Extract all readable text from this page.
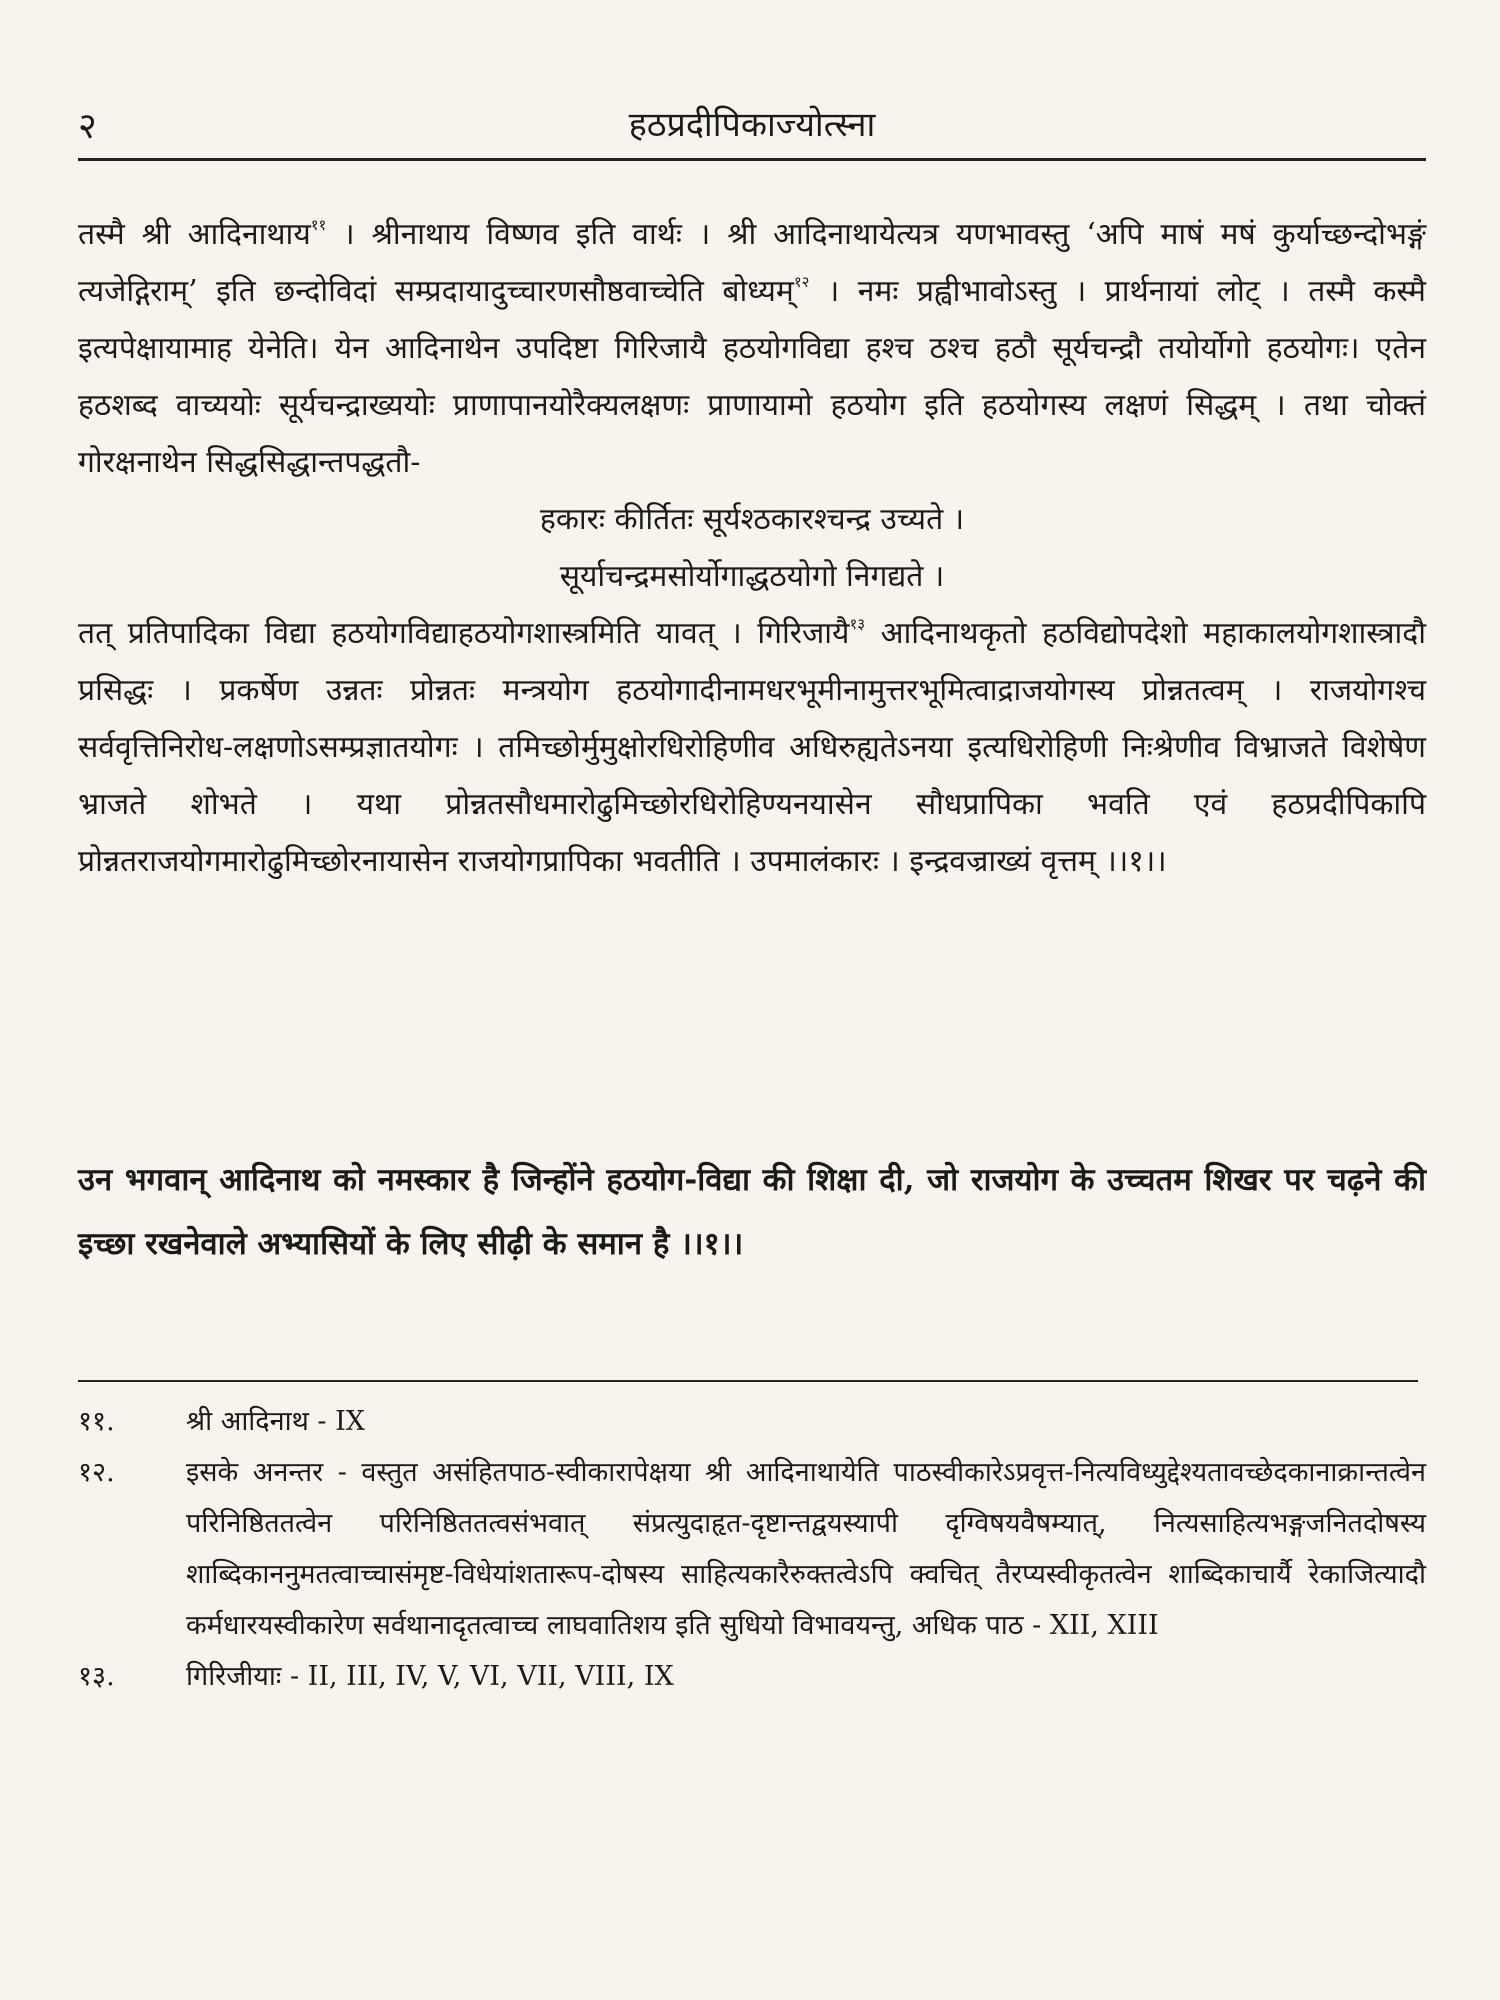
२	हठप्रदीपिकाज्योत्स्ना

तस्मै श्री आदिनाथाय$^{११}$ । श्रीनाथाय विष्णव इति वार्थः । श्री आदिनाथायेत्यत्र यणभावस्तु ‘अपि माषं मषं कुर्याच्छन्दोभङ्गं त्यजेद्गिराम्’ इति छन्दोविदां सम्प्रदायादुच्चारणसौष्ठवाच्चेति बोध्यम्$^{१२}$ । नमः प्रह्वीभावोऽस्तु । प्रार्थनायां लोट् । तस्मै कस्मै इत्यपेक्षायामाह येनेति। येन आदिनाथेन उपदिष्टा गिरिजायै हठयोगविद्या हश्च ठश्च हठौ सूर्यचन्द्रौ तयोर्योगो हठयोगः। एतेन हठशब्द वाच्ययोः सूर्यचन्द्राख्ययोः प्राणापानयोरैक्यलक्षणः प्राणायामो हठयोग इति हठयोगस्य लक्षणं सिद्धम् । तथा चोक्तं गोरक्षनाथेन सिद्धसिद्धान्तपद्धतौ-

हकारः कीर्तितः सूर्यश्ठकारश्चन्द्र उच्यते ।

सूर्याचन्द्रमसोर्योगाद्धठयोगो निगद्यते ।

तत् प्रतिपादिका विद्या हठयोगविद्याहठयोगशास्त्रमिति यावत् । गिरिजायै$^{१३}$ आदिनाथकृतो हठविद्योपदेशो महाकालयोगशास्त्रादौ प्रसिद्धः । प्रकर्षेण उन्नतः प्रोन्नतः मन्त्रयोग हठयोगादीनामधरभूमीनामुत्तरभूमित्वाद्राजयोगस्य प्रोन्नतत्वम् । राजयोगश्च सर्ववृत्तिनिरोध-लक्षणोऽसम्प्रज्ञातयोगः । तमिच्छोर्मुमुक्षोरधिरोहिणीव अधिरुह्यतेऽनया इत्यधिरोहिणी निःश्रेणीव विभ्राजते विशेषेण भ्राजते शोभते । यथा प्रोन्नतसौधमारोढुमिच्छोरधिरोहिण्यनयासेन सौधप्रापिका भवति एवं हठप्रदीपिकापि प्रोन्नतराजयोगमारोढुमिच्छोरनायासेन राजयोगप्रापिका भवतीति । उपमालंकारः । इन्द्रवज्राख्यं वृत्तम् ।।१।।

उन भगवान् आदिनाथ को नमस्कार है जिन्होंने हठयोग-विद्या की शिक्षा दी, जो राजयोग के उच्चतम शिखर पर चढ़ने की इच्छा रखनेवाले अभ्यासियों के लिए सीढ़ी के समान है ।।१।।

११.	श्री आदिनाथ - IX

१२.	इसके अनन्तर - वस्तुत असंहितपाठ-स्वीकारापेक्षया श्री आदिनाथायेति पाठस्वीकारेऽप्रवृत्त-नित्यविध्युद्देश्यतावच्छेदकानाक्रान्तत्वेन परिनिष्ठिततत्वेन परिनिष्ठिततत्वसंभवात् संप्रत्युदाहृत-दृष्टान्तद्वयस्यापी दृग्विषयवैषम्यात्, नित्यसाहित्यभङ्गजनितदोषस्य शाब्दिकाननुमतत्वाच्चासंमृष्ट-विधेयांशतारूप-दोषस्य साहित्यकारैरुक्तत्वेऽपि क्वचित् तैरप्यस्वीकृतत्वेन शाब्दिकाचार्यै रेकाजित्यादौ कर्मधारयस्वीकारेण सर्वथानादृतत्वाच्च लाघवातिशय इति सुधियो विभावयन्तु, अधिक पाठ - XII, XIII

१३.	गिरिजीयाः - II, III, IV, V, VI, VII, VIII, IX
